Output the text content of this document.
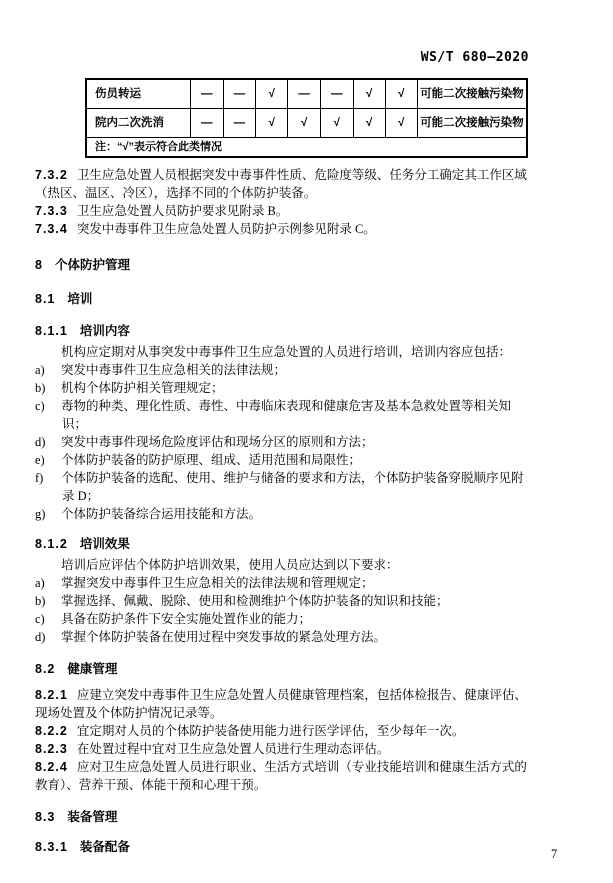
WS/T 680—2020
伤员转运	—	—	√	—	—	√	√	可能二次接触污染物
院内二次洗消	—	—	√	√	√	√	√	可能二次接触污染物
注：“√”表示符合此类情况								

7.3.2 卫生应急处置人员根据突发中毒事件性质、危险度等级、任务分工确定其工作区域（热区、温区、冷区），选择不同的个体防护装备。

7.3.3 卫生应急处置人员防护要求见附录 B。

7.3.4 突发中毒事件卫生应急处置人员防护示例参见附录 C。

8 个体防护管理

8.1 培训

8.1.1 培训内容

机构应定期对从事突发中毒事件卫生应急处置的人员进行培训，培训内容应包括：

a) 突发中毒事件卫生应急相关的法律法规；
b) 机构个体防护相关管理规定；
c) 毒物的种类、理化性质、毒性、中毒临床表现和健康危害及基本急救处置等相关知识；
d) 突发中毒事件现场危险度评估和现场分区的原则和方法；
e) 个体防护装备的防护原理、组成、适用范围和局限性；
f) 个体防护装备的选配、使用、维护与储备的要求和方法，个体防护装备穿脱顺序见附录 D；
g) 个体防护装备综合运用技能和方法。

8.1.2 培训效果

培训后应评估个体防护培训效果，使用人员应达到以下要求：

a) 掌握突发中毒事件卫生应急相关的法律法规和管理规定；
b) 掌握选择、佩戴、脱除、使用和检测维护个体防护装备的知识和技能；
c) 具备在防护条件下安全实施处置作业的能力；
d) 掌握个体防护装备在使用过程中突发事故的紧急处理方法。

8.2 健康管理

8.2.1 应建立突发中毒事件卫生应急处置人员健康管理档案，包括体检报告、健康评估、现场处置及个体防护情况记录等。

8.2.2 宜定期对人员的个体防护装备使用能力进行医学评估，至少每年一次。

8.2.3 在处置过程中宜对卫生应急处置人员进行生理动态评估。

8.2.4 应对卫生应急处置人员进行职业、生活方式培训（专业技能培训和健康生活方式的教育）、营养干预、体能干预和心理干预。

8.3 装备管理

8.3.1 装备配备	7
